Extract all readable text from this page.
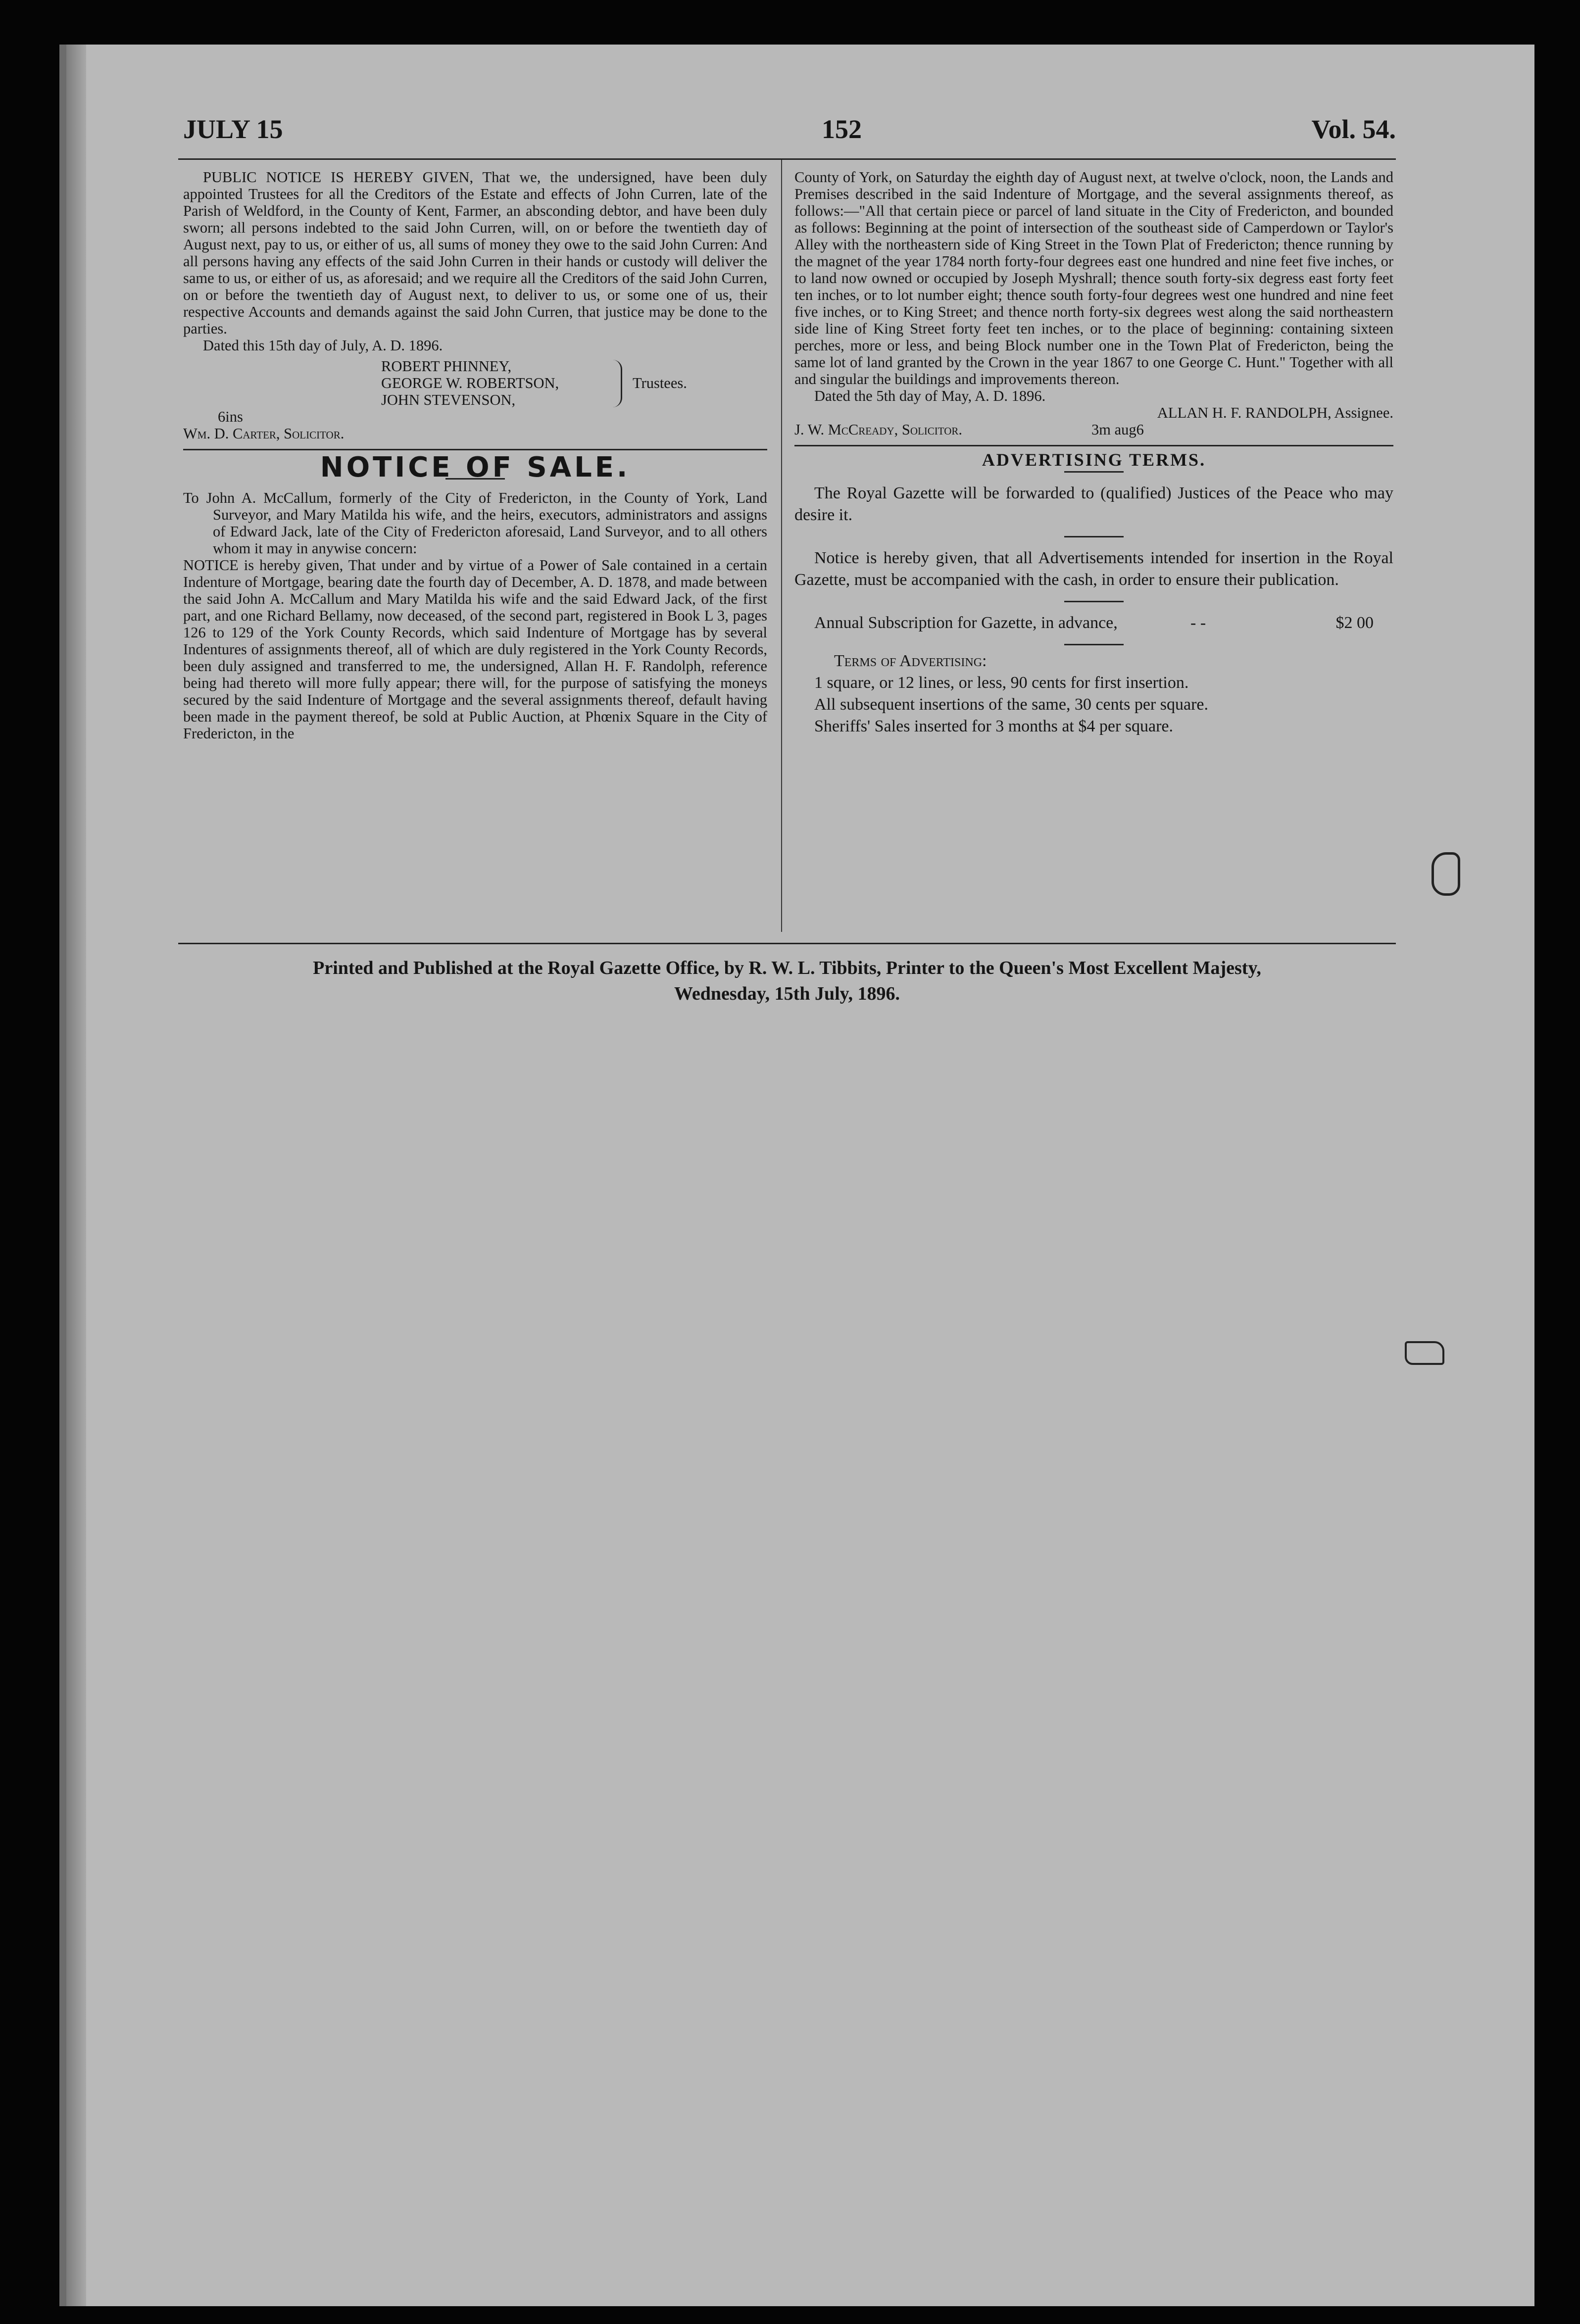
JULY 15	152	Vol. 54.

PUBLIC NOTICE IS HEREBY GIVEN, That we, the undersigned, have been duly appointed Trustees for all the Creditors of the Estate and effects of John Curren, late of the Parish of Weldford, in the County of Kent, Farmer, an absconding debtor, and have been duly sworn; all persons indebted to the said John Curren, will, on or before the twentieth day of August next, pay to us, or either of us, all sums of money they owe to the said John Curren: And all persons having any effects of the said John Curren in their hands or custody will deliver the same to us, or either of us, as aforesaid; and we require all the Creditors of the said John Curren, on or before the twentieth day of August next, to deliver to us, or some one of us, their respective Accounts and demands against the said John Curren, that justice may be done to the parties.

Dated this 15th day of July, A. D. 1896.

ROBERT PHINNEY,
GEORGE W. ROBERTSON,
JOHN STEVENSON,
Trustees.
6ins
Wm. D. Carter, Solicitor.
NOTICE OF SALE.

To John A. McCallum, formerly of the City of Fredericton, in the County of York, Land Surveyor, and Mary Matilda his wife, and the heirs, executors, administrators and assigns of Edward Jack, late of the City of Fredericton aforesaid, Land Surveyor, and to all others whom it may in anywise concern:

NOTICE is hereby given, That under and by virtue of a Power of Sale contained in a certain Indenture of Mortgage, bearing date the fourth day of December, A. D. 1878, and made between the said John A. McCallum and Mary Matilda his wife and the said Edward Jack, of the first part, and one Richard Bellamy, now deceased, of the second part, registered in Book L 3, pages 126 to 129 of the York County Records, which said Indenture of Mortgage has by several Indentures of assignments thereof, all of which are duly registered in the York County Records, been duly assigned and transferred to me, the undersigned, Allan H. F. Randolph, reference being had thereto will more fully appear; there will, for the purpose of satisfying the moneys secured by the said Indenture of Mortgage and the several assignments thereof, default having been made in the payment thereof, be sold at Public Auction, at Phœnix Square in the City of Fredericton, in the

County of York, on Saturday the eighth day of August next, at twelve o'clock, noon, the Lands and Premises described in the said Indenture of Mortgage, and the several assignments thereof, as follows:—"All that certain piece or parcel of land situate in the City of Fredericton, and bounded as follows: Beginning at the point of intersection of the southeast side of Camperdown or Taylor's Alley with the northeastern side of King Street in the Town Plat of Fredericton; thence running by the magnet of the year 1784 north forty-four degrees east one hundred and nine feet five inches, or to land now owned or occupied by Joseph Myshrall; thence south forty-six degress east forty feet ten inches, or to lot number eight; thence south forty-four degrees west one hundred and nine feet five inches, or to King Street; and thence north forty-six degrees west along the said northeastern side line of King Street forty feet ten inches, or to the place of beginning: containing sixteen perches, more or less, and being Block number one in the Town Plat of Fredericton, being the same lot of land granted by the Crown in the year 1867 to one George C. Hunt." Together with all and singular the buildings and improvements thereon.

Dated the 5th day of May, A. D. 1896.

ALLAN H. F. RANDOLPH, Assignee.
J. W. McCready, Solicitor.	3m aug6
ADVERTISING TERMS.

The Royal Gazette will be forwarded to (qualified) Justices of the Peace who may desire it.

Notice is hereby given, that all Advertisements intended for insertion in the Royal Gazette, must be accompanied with the cash, in order to ensure their publication.

Annual Subscription for Gazette, in advance,	- -	$2 00
Terms of Advertising:
1 square, or 12 lines, or less, 90 cents for first insertion.
All subsequent insertions of the same, 30 cents per square.
Sheriffs' Sales inserted for 3 months at $4 per square.
Printed and Published at the Royal Gazette Office, by R. W. L. Tibbits, Printer to the Queen's Most Excellent Majesty,
Wednesday, 15th July, 1896.
